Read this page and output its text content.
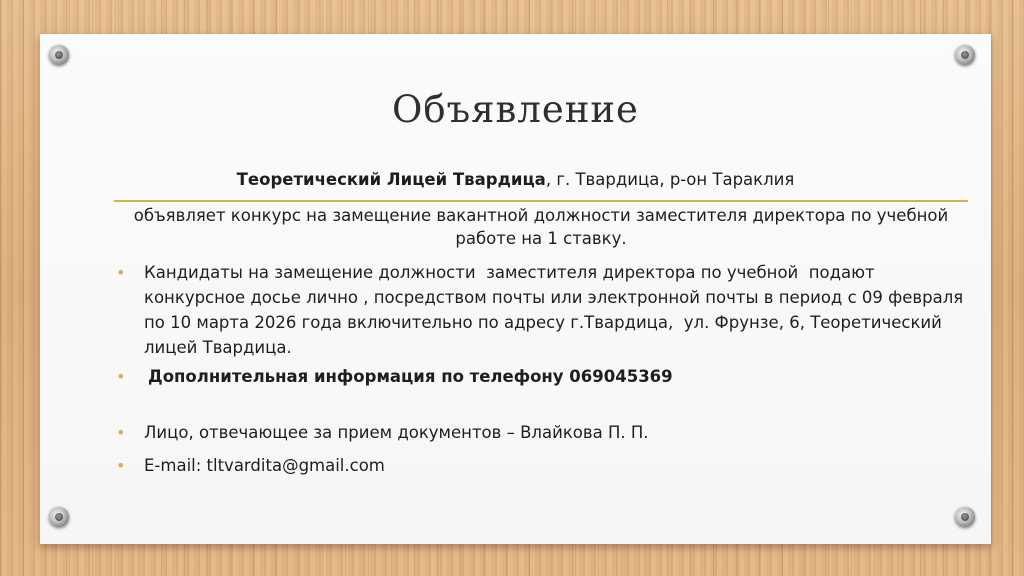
Объявление
Теоретический Лицей Твардица, г. Твардица, р-он Тараклия
объявляет конкурс на замещение вакантной должности заместителя директора по учебной работе на 1 ставку.
• Кандидаты на замещение должности  заместителя директора по учебной  подают конкурсное досье лично , посредством почты или электронной почты в период с 09 февраля  по 10 марта 2026 года включительно по адресу г.Твардица,  ул. Фрунзе, 6, Теоретический лицей Твардица.
• Дополнительная информация по телефону 069045369
• Лицо, отвечающее за прием документов – Влайкова П. П.
• E-mail: tltvardita@gmail.com
